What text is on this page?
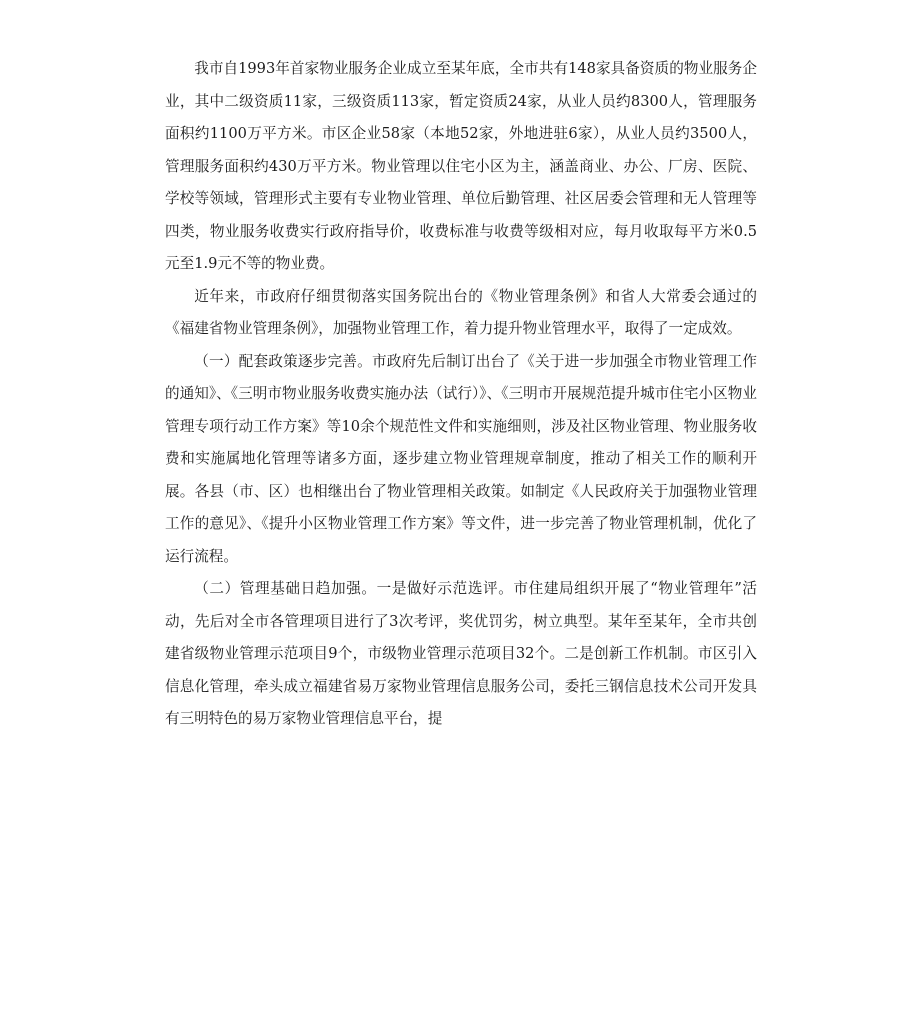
我市自1993年首家物业服务企业成立至某年底，全市共有148家具备资质的物业服务企业，其中二级资质11家，三级资质113家，暂定资质24家，从业人员约8300人，管理服务面积约1100万平方米。市区企业58家（本地52家，外地进驻6家），从业人员约3500人，管理服务面积约430万平方米。物业管理以住宅小区为主，涵盖商业、办公、厂房、医院、学校等领域，管理形式主要有专业物业管理、单位后勤管理、社区居委会管理和无人管理等四类，物业服务收费实行政府指导价，收费标准与收费等级相对应，每月收取每平方米0.5元至1.9元不等的物业费。

近年来，市政府仔细贯彻落实国务院出台的《物业管理条例》和省人大常委会通过的《福建省物业管理条例》，加强物业管理工作，着力提升物业管理水平，取得了一定成效。

（一）配套政策逐步完善。市政府先后制订出台了《关于进一步加强全市物业管理工作的通知》、《三明市物业服务收费实施办法（试行）》、《三明市开展规范提升城市住宅小区物业管理专项行动工作方案》等10余个规范性文件和实施细则，涉及社区物业管理、物业服务收费和实施属地化管理等诸多方面，逐步建立物业管理规章制度，推动了相关工作的顺利开展。各县（市、区）也相继出台了物业管理相关政策。如制定《人民政府关于加强物业管理工作的意见》、《提升小区物业管理工作方案》等文件，进一步完善了物业管理机制，优化了运行流程。

（二）管理基础日趋加强。一是做好示范选评。市住建局组织开展了“物业管理年”活动，先后对全市各管理项目进行了3次考评，奖优罚劣，树立典型。某年至某年，全市共创建省级物业管理示范项目9个，市级物业管理示范项目32个。二是创新工作机制。市区引入信息化管理，牵头成立福建省易万家物业管理信息服务公司，委托三钢信息技术公司开发具有三明特色的易万家物业管理信息平台，提
